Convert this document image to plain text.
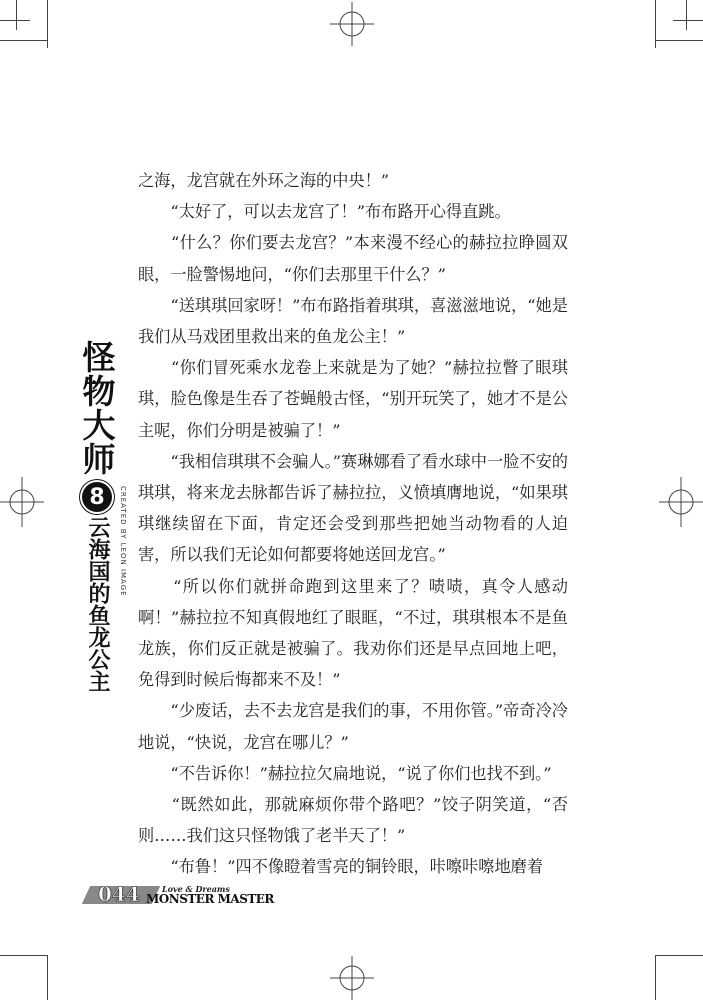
怪物大师
8
云海国的鱼龙公主 CREATED BY LEON IMAGE

之海，龙宫就在外环之海的中央！”

　　“太好了，可以去龙宫了！”布布路开心得直跳。

　　“什么？你们要去龙宫？”本来漫不经心的赫拉拉睁圆双眼，一脸警惕地问，“你们去那里干什么？”

　　“送琪琪回家呀！”布布路指着琪琪，喜滋滋地说，“她是我们从马戏团里救出来的鱼龙公主！”

　　“你们冒死乘水龙卷上来就是为了她？”赫拉拉瞥了眼琪琪，脸色像是生吞了苍蝇般古怪，“别开玩笑了，她才不是公主呢，你们分明是被骗了！”

　　“我相信琪琪不会骗人。”赛琳娜看了看水球中一脸不安的琪琪，将来龙去脉都告诉了赫拉拉，义愤填膺地说，“如果琪琪继续留在下面，肯定还会受到那些把她当动物看的人迫害，所以我们无论如何都要将她送回龙宫。”

　　“所以你们就拼命跑到这里来了？啧啧，真令人感动啊！”赫拉拉不知真假地红了眼眶，“不过，琪琪根本不是鱼龙族，你们反正就是被骗了。我劝你们还是早点回地上吧，免得到时候后悔都来不及！”

　　“少废话，去不去龙宫是我们的事，不用你管。”帝奇冷冷地说，“快说，龙宫在哪儿？”

　　“不告诉你！”赫拉拉欠扁地说，“说了你们也找不到。”

　　“既然如此，那就麻烦你带个路吧？”饺子阴笑道，“否则……我们这只怪物饿了老半天了！”

　　“布鲁！”四不像瞪着雪亮的铜铃眼，咔嚓咔嚓地磨着

044	Love & Dreams
MONSTER MASTER
